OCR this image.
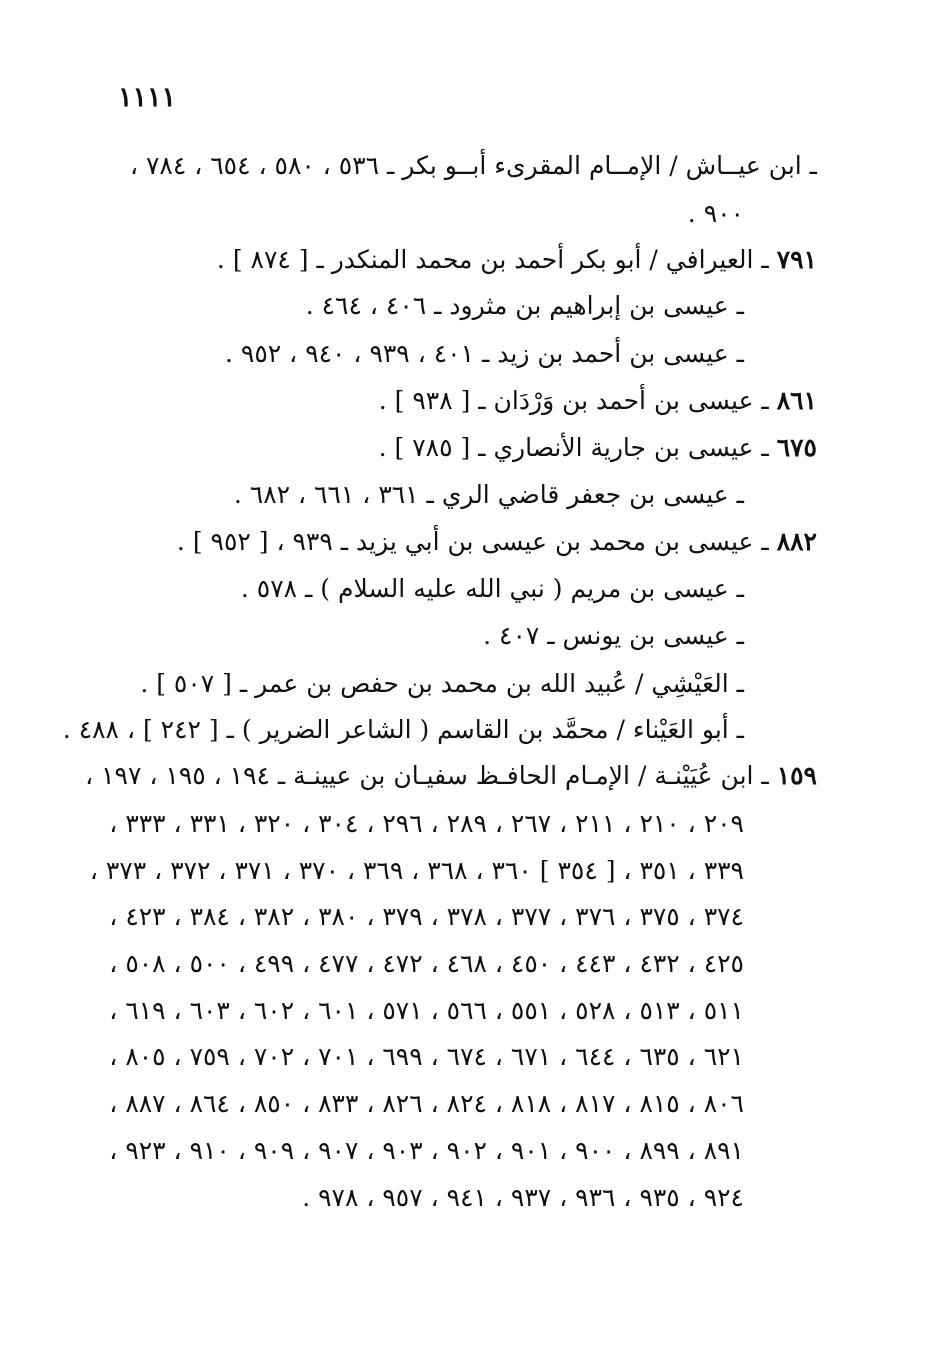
١١١١
ـ ابن عيــاش / الإمــام المقرىء أبــو بكر ـ ٥٣٦ ، ٥٨٠ ، ٦٥٤ ، ٧٨٤ ،
٩٠٠ .
٧٩١ ـ العيرافي / أبو بكر أحمد بن محمد المنكدر ـ [ ٨٧٤ ] .
ـ عيسى بن إبراهيم بن مثرود ـ ٤٠٦ ، ٤٦٤ .
ـ عيسى بن أحمد بن زيد ـ ٤٠١ ، ٩٣٩ ، ٩٤٠ ، ٩٥٢ .
٨٦١ ـ عيسى بن أحمد بن وَرْدَان ـ [ ٩٣٨ ] .
٦٧٥ ـ عيسى بن جارية الأنصاري ـ [ ٧٨٥ ] .
ـ عيسى بن جعفر قاضي الري ـ ٣٦١ ، ٦٦١ ، ٦٨٢ .
٨٨٢ ـ عيسى بن محمد بن عيسى بن أبي يزيد ـ ٩٣٩ ، [ ٩٥٢ ] .
ـ عيسى بن مريم ( نبي الله عليه السلام ) ـ ٥٧٨ .
ـ عيسى بن يونس ـ ٤٠٧ .
ـ العَيْشِي / عُبيد الله بن محمد بن حفص بن عمر ـ [ ٥٠٧ ] .
ـ أبو العَيْناء / محمَّد بن القاسم ( الشاعر الضرير ) ـ [ ٢٤٢ ] ، ٤٨٨ .
١٥٩ ـ ابن عُيَيْنـة / الإمـام الحافـظ سفيـان بن عيينـة ـ ١٩٤ ، ١٩٥ ، ١٩٧ ،
٢٠٩ ، ٢١٠ ، ٢١١ ، ٢٦٧ ، ٢٨٩ ، ٢٩٦ ، ٣٠٤ ، ٣٢٠ ، ٣٣١ ، ٣٣٣ ،
٣٣٩ ، ٣٥١ ، [ ٣٥٤ ] ٣٦٠ ، ٣٦٨ ، ٣٦٩ ، ٣٧٠ ، ٣٧١ ، ٣٧٢ ، ٣٧٣ ،
٣٧٤ ، ٣٧٥ ، ٣٧٦ ، ٣٧٧ ، ٣٧٨ ، ٣٧٩ ، ٣٨٠ ، ٣٨٢ ، ٣٨٤ ، ٤٢٣ ،
٤٢٥ ، ٤٣٢ ، ٤٤٣ ، ٤٥٠ ، ٤٦٨ ، ٤٧٢ ، ٤٧٧ ، ٤٩٩ ، ٥٠٠ ، ٥٠٨ ،
٥١١ ، ٥١٣ ، ٥٢٨ ، ٥٥١ ، ٥٦٦ ، ٥٧١ ، ٦٠١ ، ٦٠٢ ، ٦٠٣ ، ٦١٩ ،
٦٢١ ، ٦٣٥ ، ٦٤٤ ، ٦٧١ ، ٦٧٤ ، ٦٩٩ ، ٧٠١ ، ٧٠٢ ، ٧٥٩ ، ٨٠٥ ،
٨٠٦ ، ٨١٥ ، ٨١٧ ، ٨١٨ ، ٨٢٤ ، ٨٢٦ ، ٨٣٣ ، ٨٥٠ ، ٨٦٤ ، ٨٨٧ ،
٨٩١ ، ٨٩٩ ، ٩٠٠ ، ٩٠١ ، ٩٠٢ ، ٩٠٣ ، ٩٠٧ ، ٩٠٩ ، ٩١٠ ، ٩٢٣ ،
٩٢٤ ، ٩٣٥ ، ٩٣٦ ، ٩٣٧ ، ٩٤١ ، ٩٥٧ ، ٩٧٨ .
